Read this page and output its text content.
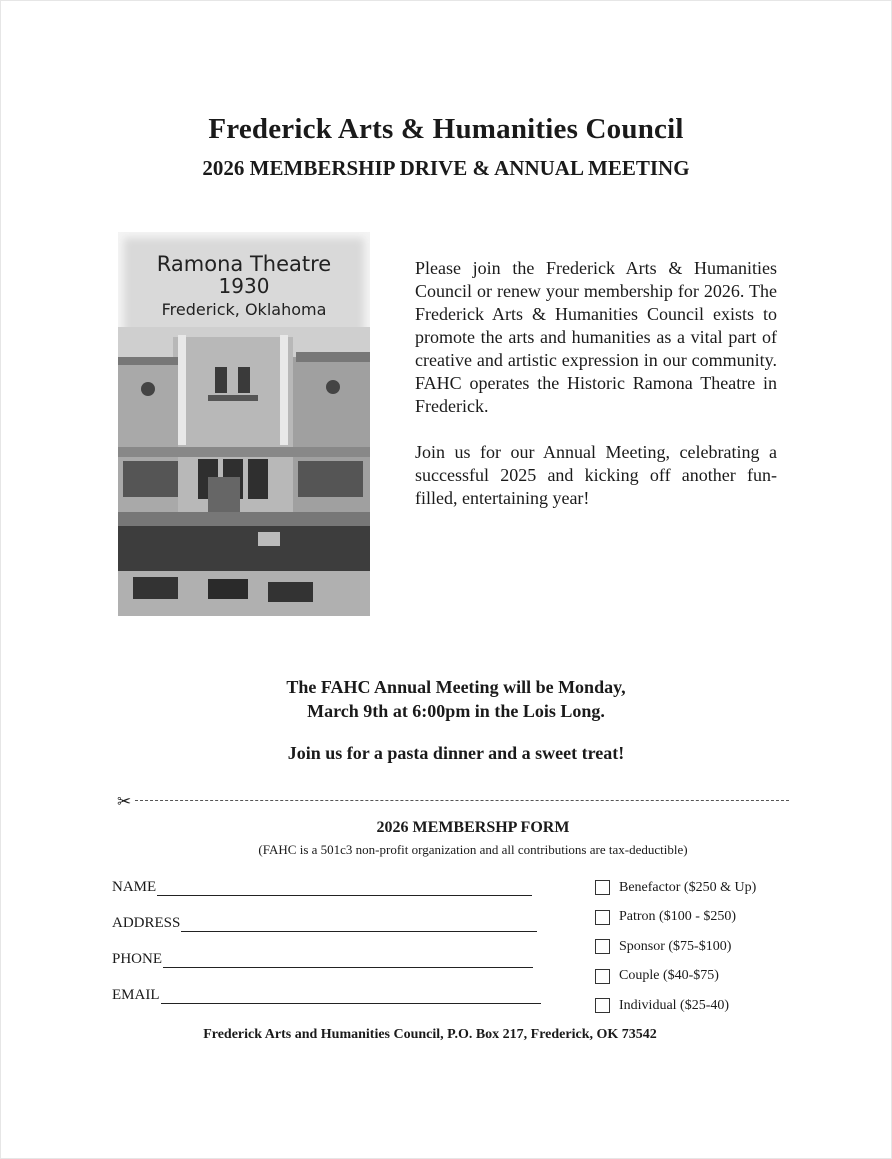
Frederick Arts & Humanities Council
2026 MEMBERSHIP DRIVE & ANNUAL MEETING
Ramona Theatre
1930
Frederick, Oklahoma

Please join the Frederick Arts & Humanities Council or renew your membership for 2026. The Frederick Arts & Humanities Council exists to promote the arts and humanities as a vital part of creative and artistic expression in our community. FAHC operates the Historic Ramona Theatre in Frederick.

Join us for our Annual Meeting, celebrating a successful 2025 and kicking off another fun-filled, entertaining year!

The FAHC Annual Meeting will be Monday,
March 9th at 6:00pm in the Lois Long.
Join us for a pasta dinner and a sweet treat!
✂
2026 MEMBERSHP FORM
(FAHC is a 501c3 non-profit organization and all contributions are tax-deductible)
NAME
ADDRESS
PHONE
EMAIL
Benefactor ($250 & Up)
Patron ($100 - $250)
Sponsor ($75-$100)
Couple ($40-$75)
Individual ($25-40)
Frederick Arts and Humanities Council, P.O. Box 217, Frederick, OK 73542
